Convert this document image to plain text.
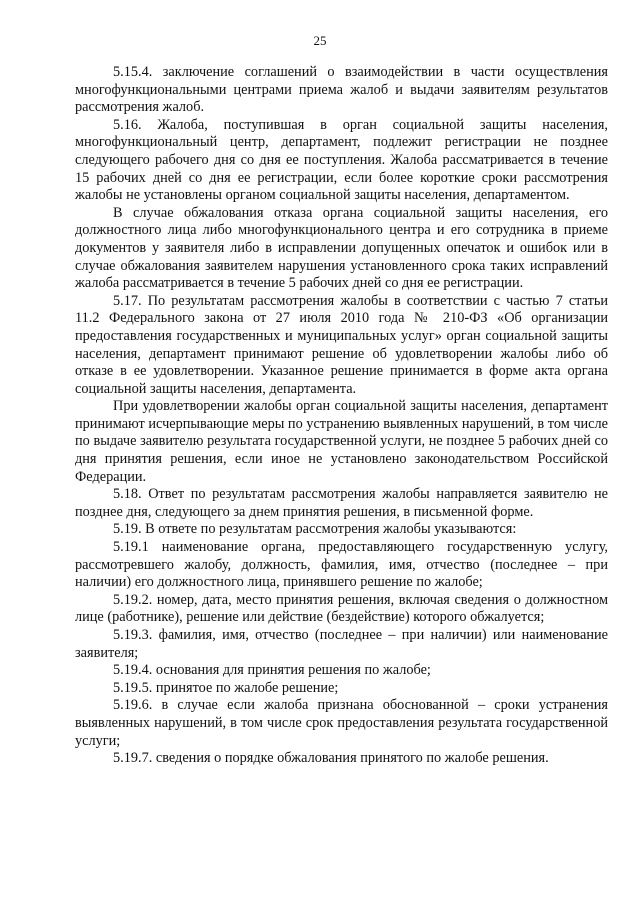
25

5.15.4. заключение соглашений о взаимодействии в части осуществления многофункциональными центрами приема жалоб и выдачи заявителям результатов рассмотрения жалоб.

5.16. Жалоба, поступившая в орган социальной защиты населения, многофункциональный центр, департамент, подлежит регистрации не позднее следующего рабочего дня со дня ее поступления. Жалоба рассматривается в течение 15 рабочих дней со дня ее регистрации, если более короткие сроки рассмотрения жалобы не установлены органом социальной защиты населения, департаментом.

В случае обжалования отказа органа социальной защиты населения, его должностного лица либо многофункционального центра и его сотрудника в приеме документов у заявителя либо в исправлении допущенных опечаток и ошибок или в случае обжалования заявителем нарушения установленного срока таких исправлений жалоба рассматривается в течение 5 рабочих дней со дня ее регистрации.

5.17. По результатам рассмотрения жалобы в соответствии с частью 7 статьи 11.2 Федерального закона от 27 июля 2010 года № 210-ФЗ «Об организации предоставления государственных и муниципальных услуг» орган социальной защиты населения, департамент принимают решение об удовлетворении жалобы либо об отказе в ее удовлетворении. Указанное решение принимается в форме акта органа социальной защиты населения, департамента.

При удовлетворении жалобы орган социальной защиты населения, департамент принимают исчерпывающие меры по устранению выявленных нарушений, в том числе по выдаче заявителю результата государственной услуги, не позднее 5 рабочих дней со дня принятия решения, если иное не установлено законодательством Российской Федерации.

5.18. Ответ по результатам рассмотрения жалобы направляется заявителю не позднее дня, следующего за днем принятия решения, в письменной форме.

5.19. В ответе по результатам рассмотрения жалобы указываются:

5.19.1 наименование органа, предоставляющего государственную услугу, рассмотревшего жалобу, должность, фамилия, имя, отчество (последнее – при наличии) его должностного лица, принявшего решение по жалобе;

5.19.2. номер, дата, место принятия решения, включая сведения о должностном лице (работнике), решение или действие (бездействие) которого обжалуется;

5.19.3. фамилия, имя, отчество (последнее – при наличии) или наименование заявителя;

5.19.4. основания для принятия решения по жалобе;

5.19.5. принятое по жалобе решение;

5.19.6. в случае если жалоба признана обоснованной – сроки устранения выявленных нарушений, в том числе срок предоставления результата государственной услуги;

5.19.7. сведения о порядке обжалования принятого по жалобе решения.
